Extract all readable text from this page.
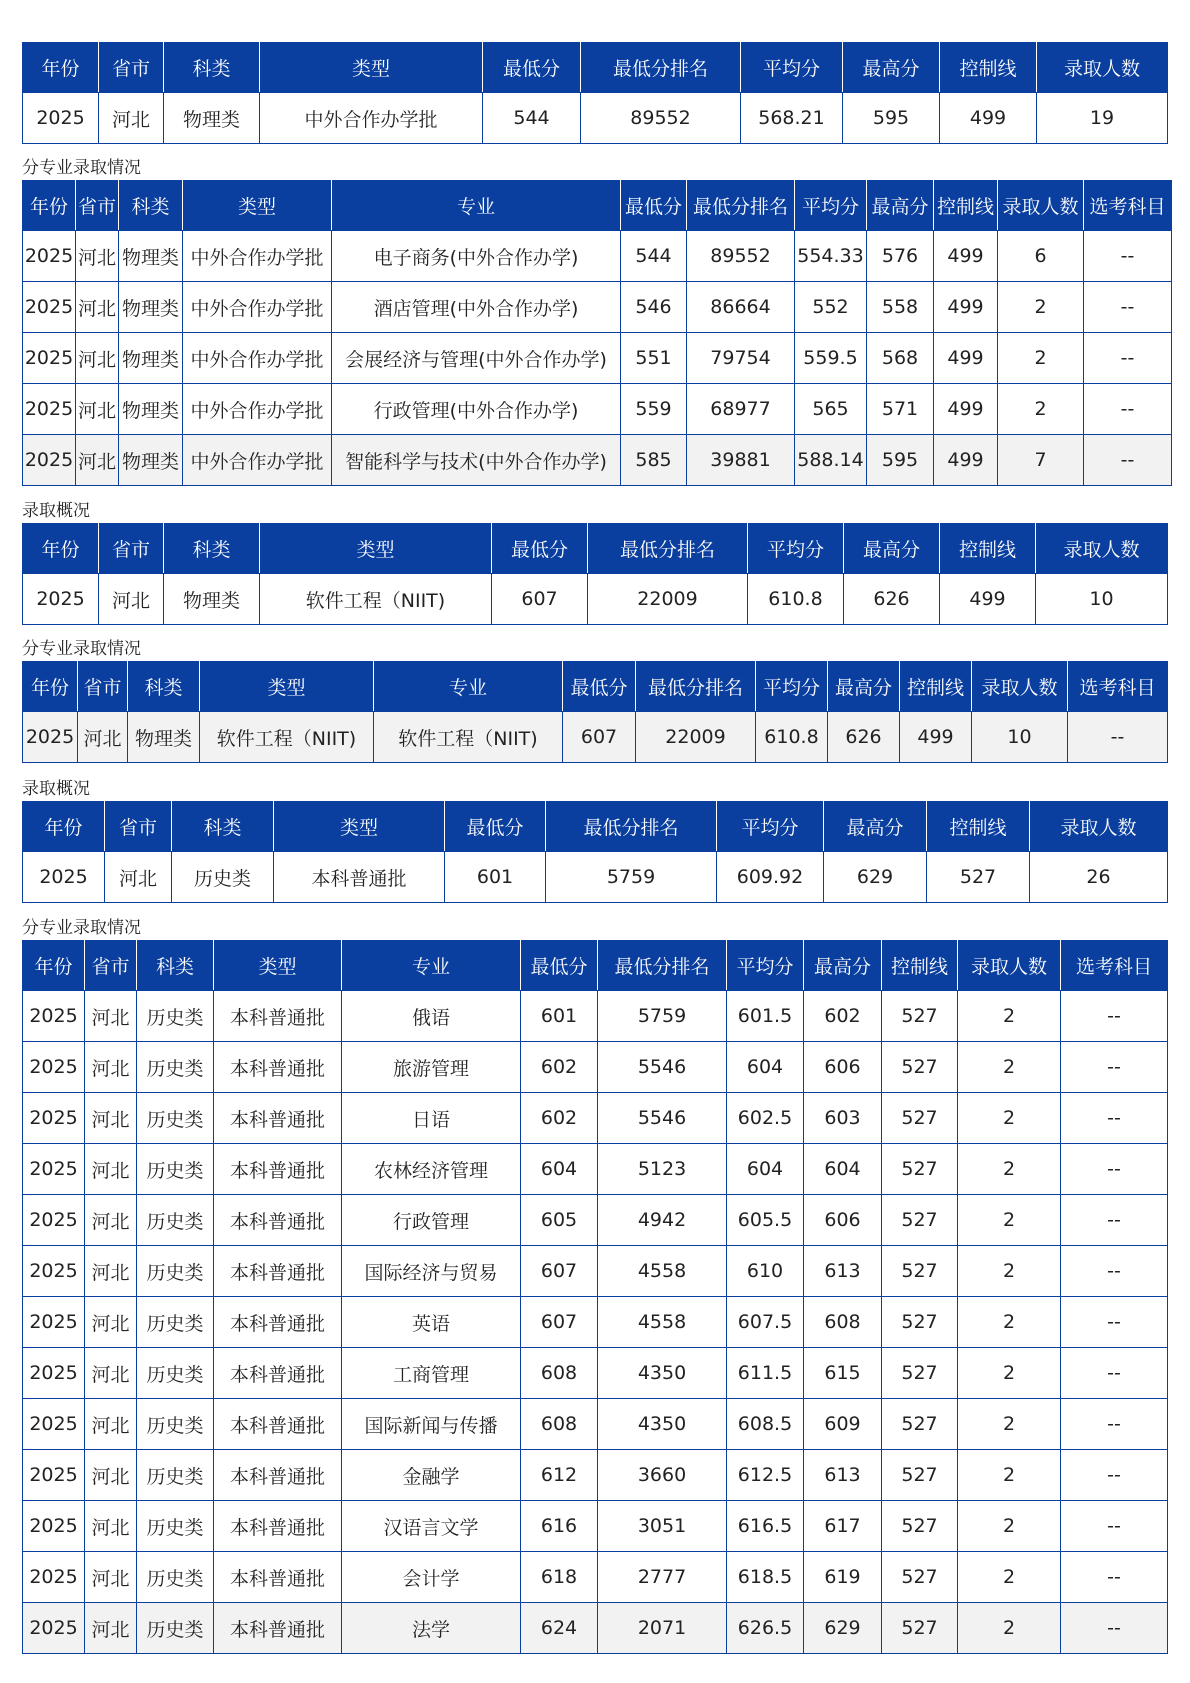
年份	省市	科类	类型	最低分	最低分排名	平均分	最高分	控制线	录取人数
2025	河北	物理类	中外合作办学批	544	89552	568.21	595	499	19
分专业录取情况
年份	省市	科类	类型	专业	最低分	最低分排名	平均分	最高分	控制线	录取人数	选考科目
2025	河北	物理类	中外合作办学批	电子商务(中外合作办学)	544	89552	554.33	576	499	6	--
2025	河北	物理类	中外合作办学批	酒店管理(中外合作办学)	546	86664	552	558	499	2	--
2025	河北	物理类	中外合作办学批	会展经济与管理(中外合作办学)	551	79754	559.5	568	499	2	--
2025	河北	物理类	中外合作办学批	行政管理(中外合作办学)	559	68977	565	571	499	2	--
2025	河北	物理类	中外合作办学批	智能科学与技术(中外合作办学)	585	39881	588.14	595	499	7	--
录取概况
年份	省市	科类	类型	最低分	最低分排名	平均分	最高分	控制线	录取人数
2025	河北	物理类	软件工程（NIIT)	607	22009	610.8	626	499	10
分专业录取情况
年份	省市	科类	类型	专业	最低分	最低分排名	平均分	最高分	控制线	录取人数	选考科目
2025	河北	物理类	软件工程（NIIT)	软件工程（NIIT)	607	22009	610.8	626	499	10	--
录取概况
年份	省市	科类	类型	最低分	最低分排名	平均分	最高分	控制线	录取人数
2025	河北	历史类	本科普通批	601	5759	609.92	629	527	26
分专业录取情况
年份	省市	科类	类型	专业	最低分	最低分排名	平均分	最高分	控制线	录取人数	选考科目
2025	河北	历史类	本科普通批	俄语	601	5759	601.5	602	527	2	--
2025	河北	历史类	本科普通批	旅游管理	602	5546	604	606	527	2	--
2025	河北	历史类	本科普通批	日语	602	5546	602.5	603	527	2	--
2025	河北	历史类	本科普通批	农林经济管理	604	5123	604	604	527	2	--
2025	河北	历史类	本科普通批	行政管理	605	4942	605.5	606	527	2	--
2025	河北	历史类	本科普通批	国际经济与贸易	607	4558	610	613	527	2	--
2025	河北	历史类	本科普通批	英语	607	4558	607.5	608	527	2	--
2025	河北	历史类	本科普通批	工商管理	608	4350	611.5	615	527	2	--
2025	河北	历史类	本科普通批	国际新闻与传播	608	4350	608.5	609	527	2	--
2025	河北	历史类	本科普通批	金融学	612	3660	612.5	613	527	2	--
2025	河北	历史类	本科普通批	汉语言文学	616	3051	616.5	617	527	2	--
2025	河北	历史类	本科普通批	会计学	618	2777	618.5	619	527	2	--
2025	河北	历史类	本科普通批	法学	624	2071	626.5	629	527	2	--
